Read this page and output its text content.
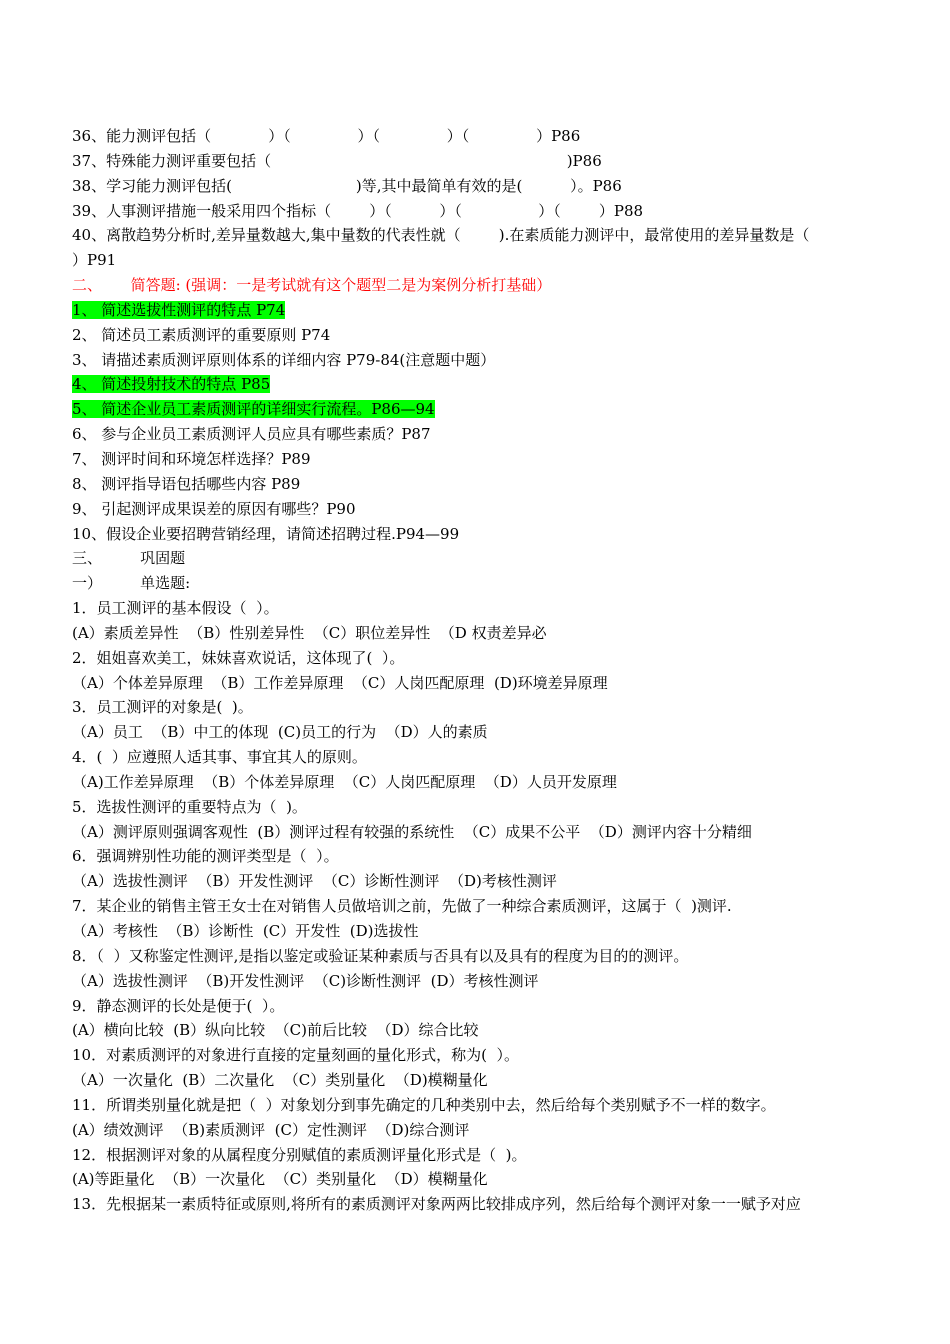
36、能力测评包括（            ）（              ）（              ）（              ）P86
37、特殊能力测评重要包括（                                                              )P86
38、学习能力测评包括(                          )等,其中最简单有效的是(          ）。P86
39、人事测评措施一般采用四个指标（        ）（          ）（                ）（        ）P88
40、离散趋势分析时,差异量数越大,集中量数的代表性就（        ).在素质能力测评中，最常使用的差异量数是（
）P91
二、      简答题: (强调：一是考试就有这个题型二是为案例分析打基础）
1、 简述选拔性测评的特点 P74
2、 简述员工素质测评的重要原则 P74
3、 请描述素质测评原则体系的详细内容 P79-84(注意题中题）
4、 简述投射技术的特点 P85
5、 简述企业员工素质测评的详细实行流程。P86—94
6、 参与企业员工素质测评人员应具有哪些素质？P87
7、 测评时间和环境怎样选择？P89
8、 测评指导语包括哪些内容 P89
9、 引起测评成果误差的原因有哪些？P90
10、假设企业要招聘营销经理，请简述招聘过程.P94—99
三、        巩固题
一）        单选题:
1．员工测评的基本假设（  ）。
(A）素质差异性  （B）性别差异性  （C）职位差异性  （D 权责差异必
2．姐姐喜欢美工，妹妹喜欢说话，这体现了(  ）。
（A）个体差异原理  （B）工作差异原理  （C）人岗匹配原理  (D)环境差异原理
3．员工测评的对象是(  )。
（A）员工  （B）中工的体现  (C)员工的行为  （D）人的素质
4．(  ）应遵照人适其事、事宜其人的原则。
（A)工作差异原理  （B）个体差异原理  （C）人岗匹配原理  （D）人员开发原理
5．选拔性测评的重要特点为（  )。
（A）测评原则强调客观性  (B）测评过程有较强的系统性  （C）成果不公平  （D）测评内容十分精细
6．强调辨别性功能的测评类型是（  ）。
（A）选拔性测评  （B）开发性测评  （C）诊断性测评  （D)考核性测评
7．某企业的销售主管王女士在对销售人员做培训之前，先做了一种综合素质测评，这属于（  )测评.
（A）考核性  （B）诊断性  (C）开发性  (D)选拔性
8．（  ）又称鉴定性测评,是指以鉴定或验证某种素质与否具有以及具有的程度为目的的测评。
（A）选拔性测评  （B)开发性测评  （C)诊断性测评  (D）考核性测评
9．静态测评的长处是便于(  ）。
(A）横向比较  (B）纵向比较  （C)前后比较  （D）综合比较
10．对素质测评的对象进行直接的定量刻画的量化形式，称为(  ）。
（A）一次量化  (B）二次量化  （C）类别量化  （D)模糊量化
11．所谓类别量化就是把（  ）对象划分到事先确定的几种类别中去，然后给每个类别赋予不一样的数字。
(A）绩效测评  （B)素质测评  (C）定性测评  （D)综合测评
12．根据测评对象的从属程度分别赋值的素质测评量化形式是（  )。
(A)等距量化  （B）一次量化  （C）类别量化  （D）模糊量化
13．先根据某一素质特征或原则,将所有的素质测评对象两两比较排成序列，然后给每个测评对象一一赋予对应
